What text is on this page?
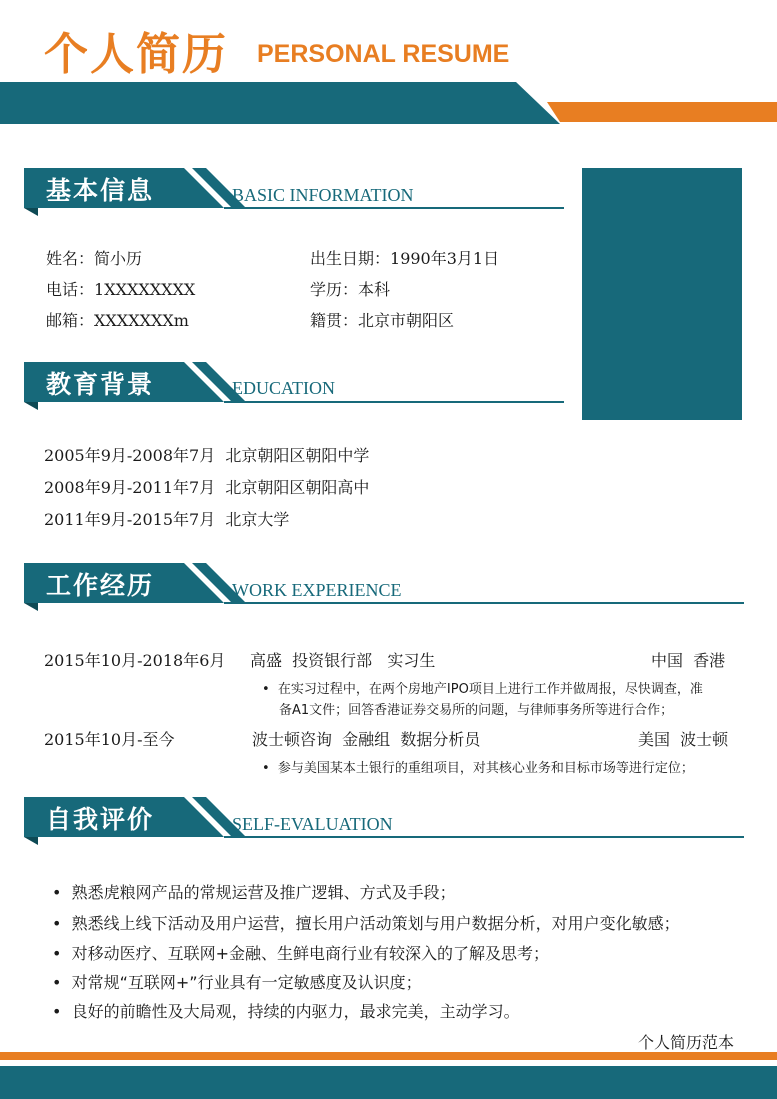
个人简历 PERSONAL RESUME
基本信息	BASIC INFORMATION
姓名：简小历	出生日期：1990年3月1日
电话：1XXXXXXXX	学历：本科
邮箱：XXXXXXXm	籍贯：北京市朝阳区
教育背景	EDUCATION
2005年9月-2008年7月 北京朝阳区朝阳中学
2008年9月-2011年7月 北京朝阳区朝阳高中
2011年9月-2015年7月 北京大学
工作经历	WORK EXPERIENCE
2015年10月-2018年6月 高盛  投资银行部   实习生	中国  香港
•  在实习过程中，在两个房地产IPO项目上进行工作并做周报，尽快调查，准
备A1文件；回答香港证券交易所的问题，与律师事务所等进行合作；
2015年10月-至今	波士顿咨询  金融组  数据分析员	美国  波士顿
•  参与美国某本土银行的重组项目，对其核心业务和目标市场等进行定位；
自我评价	SELF-EVALUATION
•  熟悉虎粮网产品的常规运营及推广逻辑、方式及手段；
•  熟悉线上线下活动及用户运营，擅长用户活动策划与用户数据分析，对用户变化敏感；
•  对移动医疗、互联网+金融、生鲜电商行业有较深入的了解及思考；
•  对常规“互联网+”行业具有一定敏感度及认识度；
•  良好的前瞻性及大局观，持续的内驱力，最求完美，主动学习。
个人简历范本
